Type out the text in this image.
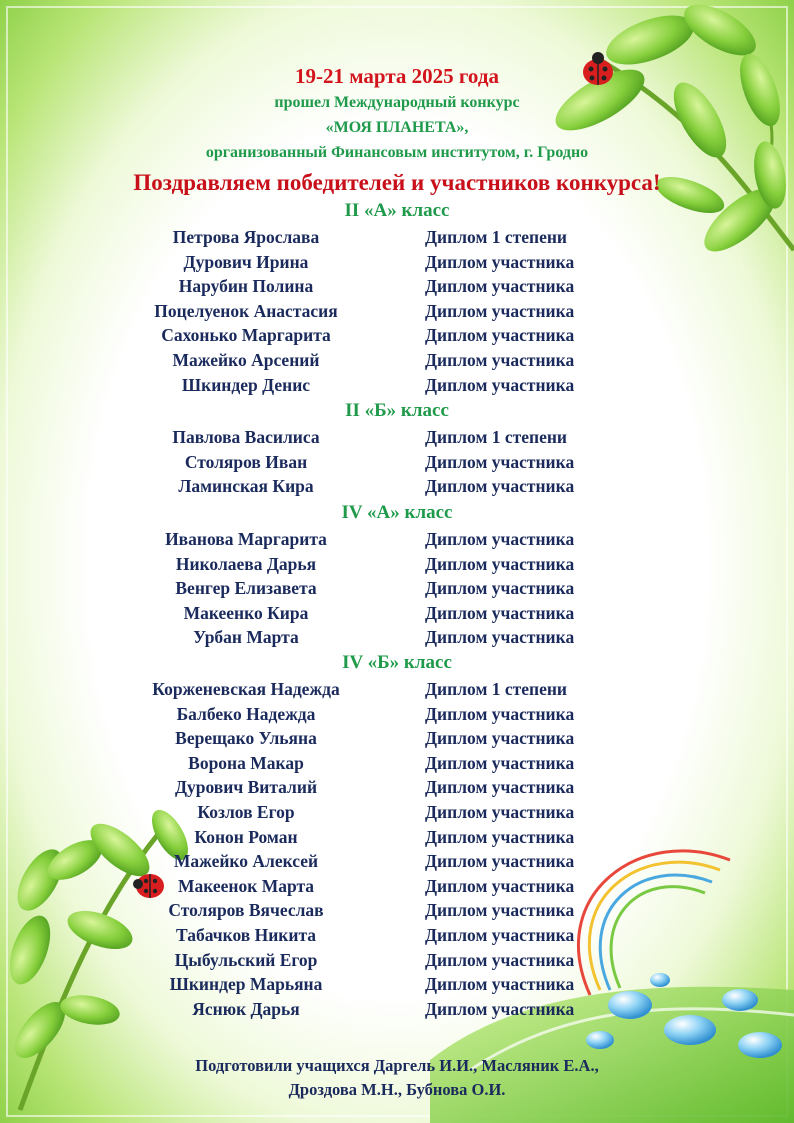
19-21 марта 2025 года
прошел Международный конкурс
«МОЯ ПЛАНЕТА»,
организованный Финансовым институтом, г. Гродно
Поздравляем победителей и участников конкурса!
II «А» класс
Петрова Ярослава	Диплом 1 степени
Дурович Ирина	Диплом участника
Нарубин Полина	Диплом участника
Поцелуенок Анастасия	Диплом участника
Сахонько Маргарита	Диплом участника
Мажейко Арсений	Диплом участника
Шкиндер Денис	Диплом участника
II «Б» класс
Павлова Василиса	Диплом 1 степени
Столяров Иван	Диплом участника
Ламинская Кира	Диплом участника
IV «А» класс
Иванова Маргарита	Диплом участника
Николаева Дарья	Диплом участника
Венгер Елизавета	Диплом участника
Макеенко Кира	Диплом участника
Урбан Марта	Диплом участника
IV «Б» класс
Корженевская Надежда	Диплом 1 степени
Балбеко Надежда	Диплом участника
Верещако Ульяна	Диплом участника
Ворона Макар	Диплом участника
Дурович Виталий	Диплом участника
Козлов Егор	Диплом участника
Конон Роман	Диплом участника
Мажейко Алексей	Диплом участника
Макеенок Марта	Диплом участника
Столяров Вячеслав	Диплом участника
Табачков Никита	Диплом участника
Цыбульский Егор	Диплом участника
Шкиндер Марьяна	Диплом участника
Яснюк Дарья	Диплом участника
Подготовили учащихся Даргель И.И., Масляник Е.А.,
Дроздова М.Н., Бубнова О.И.
